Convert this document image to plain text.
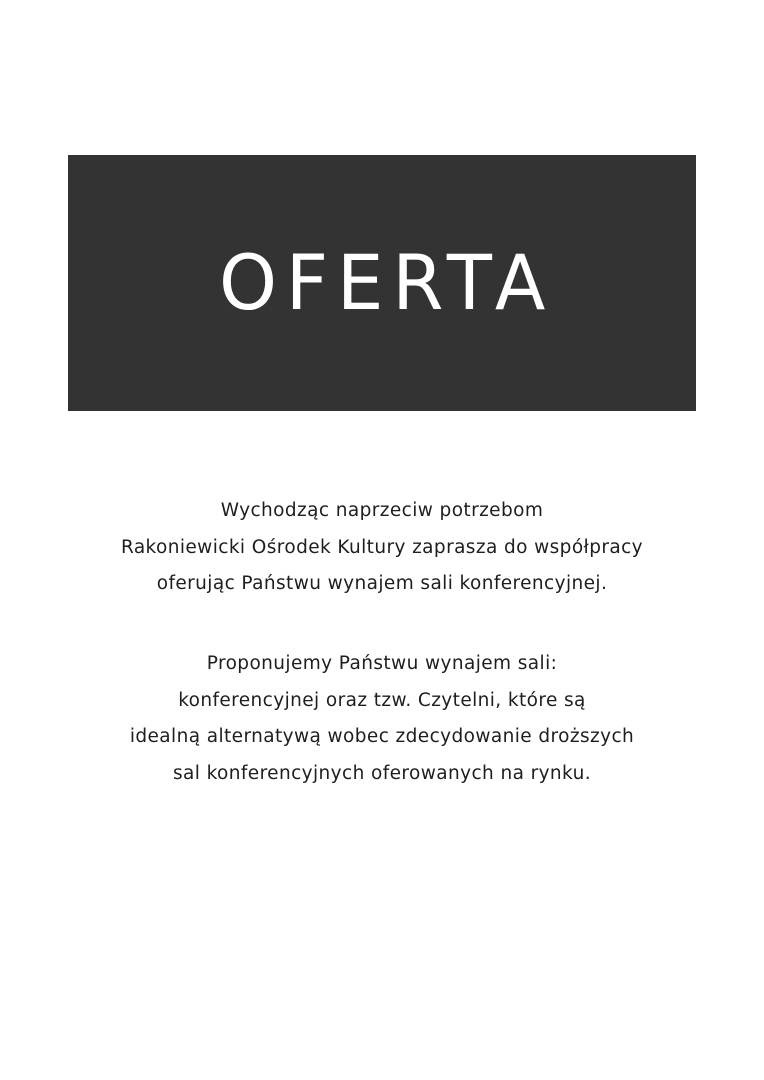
OFERTA
Wychodząc naprzeciw potrzebom
Rakoniewicki Ośrodek Kultury zaprasza do współpracy
oferując Państwu wynajem sali konferencyjnej.
Proponujemy Państwu wynajem sali:
konferencyjnej oraz tzw. Czytelni, które są
idealną alternatywą wobec zdecydowanie droższych
sal konferencyjnych oferowanych na rynku.
